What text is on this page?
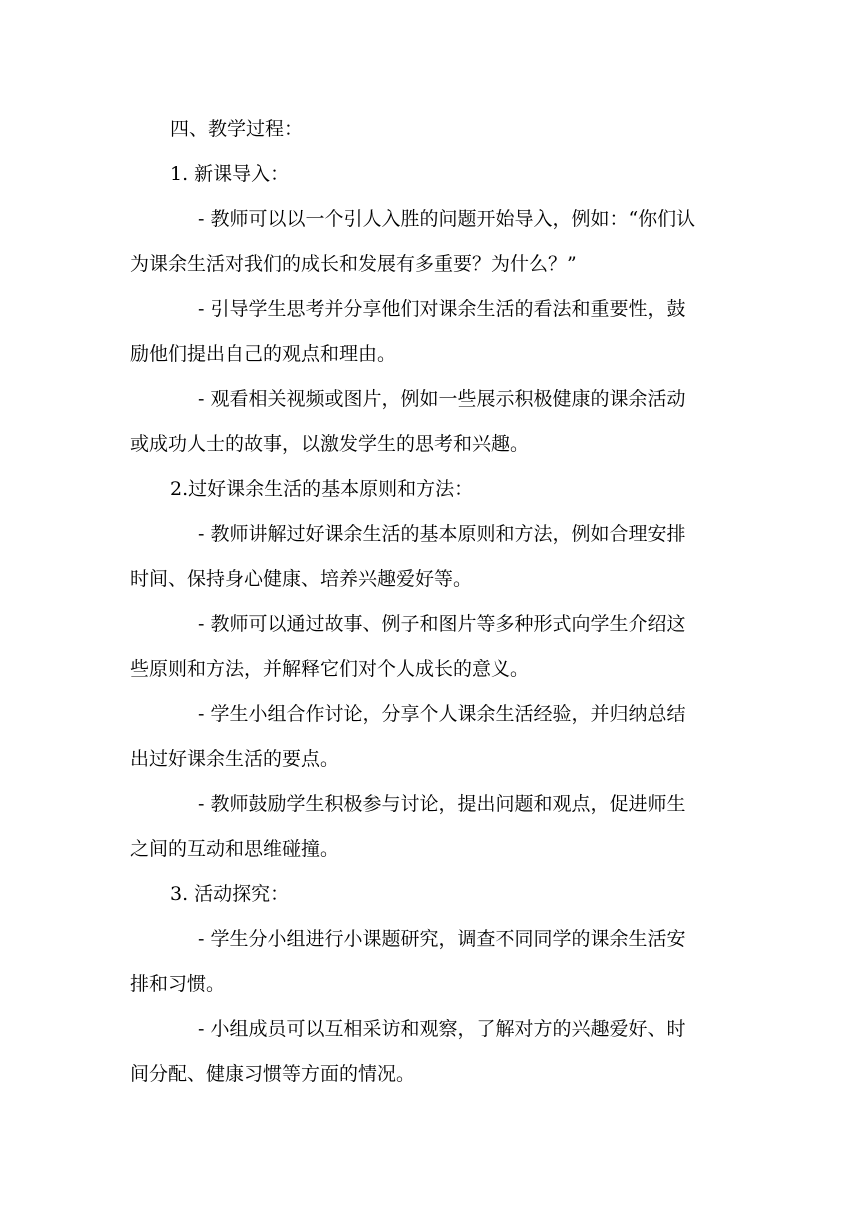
四、教学过程：
1. 新课导入：
- 教师可以以一个引人入胜的问题开始导入，例如：“你们认
为课余生活对我们的成长和发展有多重要？为什么？”
- 引导学生思考并分享他们对课余生活的看法和重要性，鼓
励他们提出自己的观点和理由。
- 观看相关视频或图片，例如一些展示积极健康的课余活动
或成功人士的故事，以激发学生的思考和兴趣。
2.过好课余生活的基本原则和方法：
- 教师讲解过好课余生活的基本原则和方法，例如合理安排
时间、保持身心健康、培养兴趣爱好等。
- 教师可以通过故事、例子和图片等多种形式向学生介绍这
些原则和方法，并解释它们对个人成长的意义。
- 学生小组合作讨论，分享个人课余生活经验，并归纳总结
出过好课余生活的要点。
- 教师鼓励学生积极参与讨论，提出问题和观点，促进师生
之间的互动和思维碰撞。
3. 活动探究：
- 学生分小组进行小课题研究，调查不同同学的课余生活安
排和习惯。
- 小组成员可以互相采访和观察，了解对方的兴趣爱好、时
间分配、健康习惯等方面的情况。
